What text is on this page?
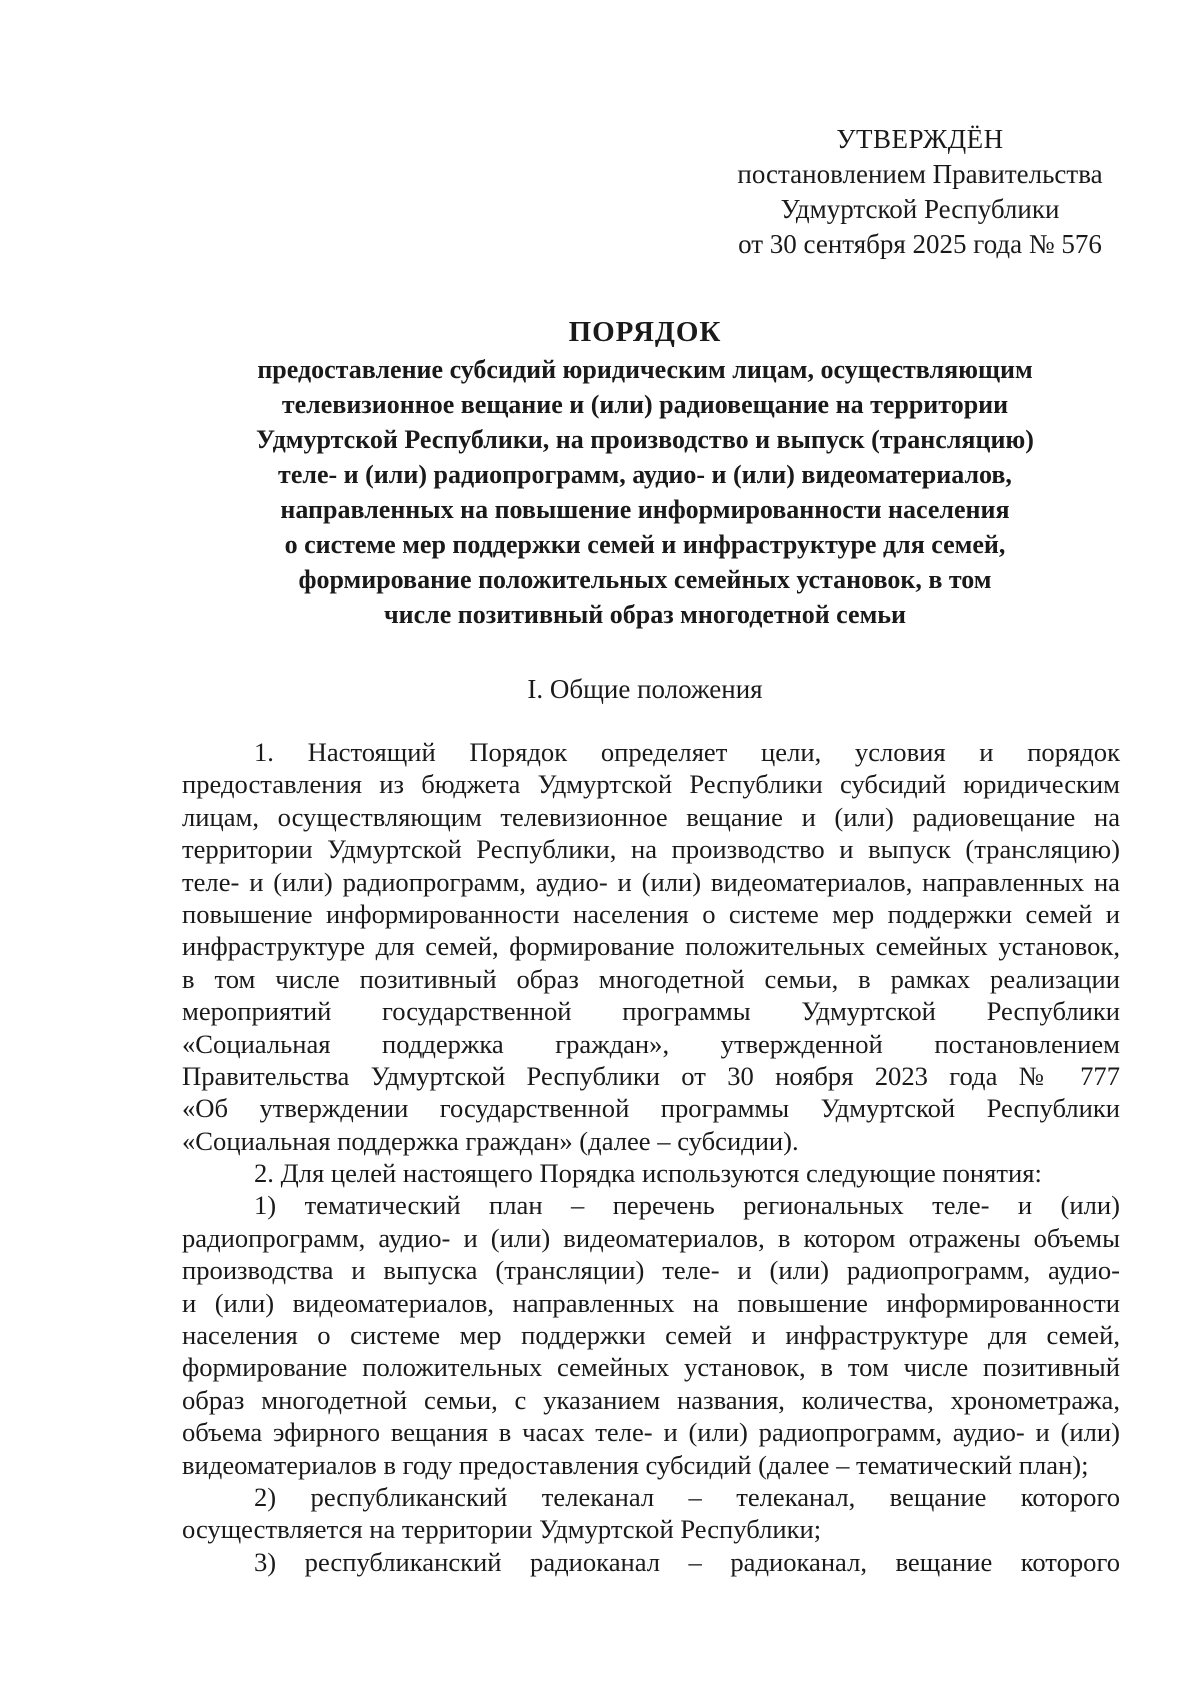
УТВЕРЖДЁН
постановлением Правительства
Удмуртской Республики
от 30 сентября 2025 года № 576
ПОРЯДОК
предоставление субсидий юридическим лицам, осуществляющим
телевизионное вещание и (или) радиовещание на территории
Удмуртской Республики, на производство и выпуск (трансляцию)
теле- и (или) радиопрограмм, аудио- и (или) видеоматериалов,
направленных на повышение информированности населения
о системе мер поддержки семей и инфраструктуре для семей,
формирование положительных семейных установок, в том
числе позитивный образ многодетной семьи
I. Общие положения
1. Настоящий Порядок определяет цели, условия и порядок
предоставления из бюджета Удмуртской Республики субсидий юридическим
лицам, осуществляющим телевизионное вещание и (или) радиовещание на
территории Удмуртской Республики, на производство и выпуск (трансляцию)
теле- и (или) радиопрограмм, аудио- и (или) видеоматериалов, направленных на
повышение информированности населения о системе мер поддержки семей и
инфраструктуре для семей, формирование положительных семейных установок,
в том числе позитивный образ многодетной семьи, в рамках реализации
мероприятий государственной программы Удмуртской Республики
«Социальная поддержка граждан», утвержденной постановлением
Правительства Удмуртской Республики от 30 ноября 2023 года № 777
«Об утверждении государственной программы Удмуртской Республики
«Социальная поддержка граждан» (далее – субсидии).
2. Для целей настоящего Порядка используются следующие понятия:
1) тематический план – перечень региональных теле- и (или)
радиопрограмм, аудио- и (или) видеоматериалов, в котором отражены объемы
производства и выпуска (трансляции) теле- и (или) радиопрограмм, аудио-
и (или) видеоматериалов, направленных на повышение информированности
населения о системе мер поддержки семей и инфраструктуре для семей,
формирование положительных семейных установок, в том числе позитивный
образ многодетной семьи, с указанием названия, количества, хронометража,
объема эфирного вещания в часах теле- и (или) радиопрограмм, аудио- и (или)
видеоматериалов в году предоставления субсидий (далее – тематический план);
2) республиканский телеканал – телеканал, вещание которого
осуществляется на территории Удмуртской Республики;
3) республиканский радиоканал – радиоканал, вещание которого
